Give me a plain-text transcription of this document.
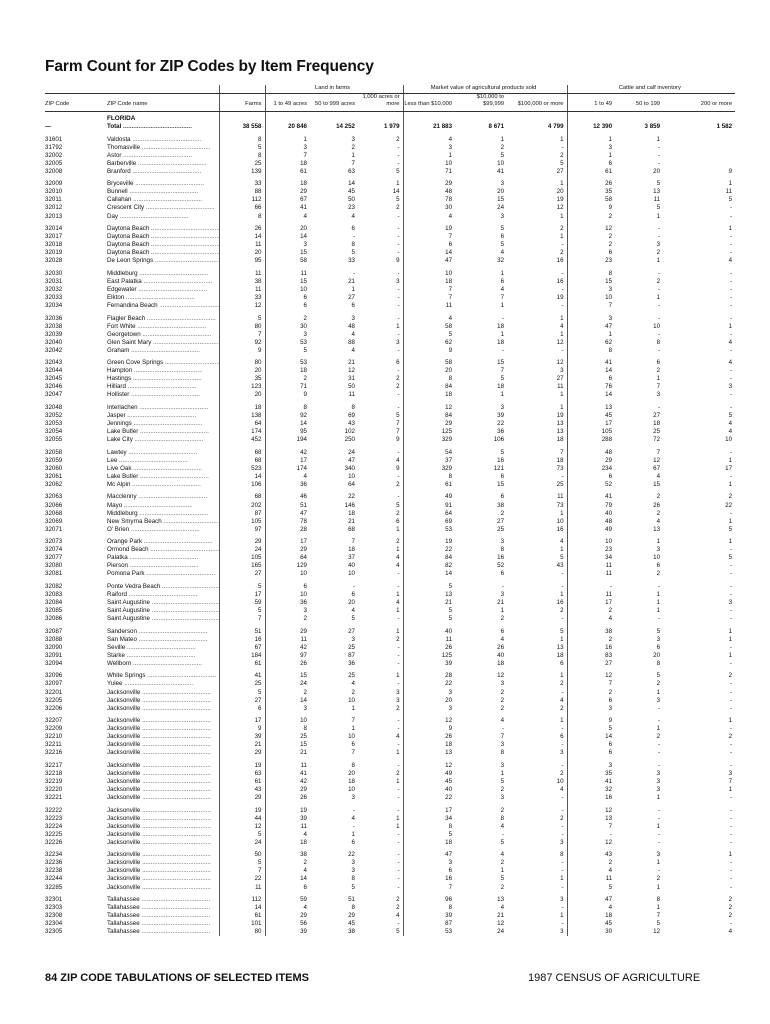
Farm Count for ZIP Codes by Item Frequency
			Land in farms			Market value of agricultural products sold			Cattle and calf inventory		
ZIP Code	ZIP Code name	Farms	1 to 49 acres	50 to 999 acres	1,000 acres or more	Less than $10,000	$10,000 to $99,999	$100,000 or more	1 to 49	50 to 199	200 or more
	FLORIDA										
—	Total .....	38 558	20 846	14 252	1 979	21 883	8 671	4 799	12 390	3 859	1 582

31601	Valdosta .....	8	1	3	2	4	1	1	1	1	
31792	Thomasville .....	5	3	2	-	3	2	-	3	-	
32002	Astor .....	8	7	1	-	1	5	2	1	-	
32005	Barberville .....	25	18	7	-	10	10	5	6	-	
32008	Branford .....	139	61	63	5	71	41	27	61	20	9

32009	Bryceville .....	33	18	14	1	29	3	1	26	5	1
32010	Bunnell .....	88	29	45	14	48	20	20	35	13	11
32011	Callahan .....	112	67	50	5	78	15	19	58	11	5
32012	Crescent City .....	66	41	23	2	30	24	12	9	5	-
32013	Day .....	8	4	4	-	4	3	1	2	1	-

32014	Daytona Beach .....	26	20	6	-	19	5	2	12	-	1
32017	Daytona Beach .....	14	14	-	-	7	6	1	2	-	-
32018	Daytona Beach .....	11	3	8	-	6	5	-	2	3	-
32019	Daytona Beach .....	20	15	5	-	14	4	2	6	2	-
32028	De Leon Springs .....	95	58	33	9	47	32	16	23	1	4

32030	Middleburg .....	11	11	-	-	10	1	-	8	-	-
32031	East Palatka .....	38	15	21	3	18	6	16	15	2	-
32032	Edgewater .....	11	10	1	-	7	4	-	3	-	-
32033	Elkton .....	33	6	27	-	7	7	19	10	1	-
32034	Fernandina Beach .....	12	6	6	-	11	1	-	7	-	-

32036	Flagler Beach .....	5	2	3	-	4	-	1	3	-	-
32038	Fort White .....	80	30	48	1	58	18	4	47	10	1
32039	Georgetown .....	7	3	4	-	5	1	1	1	-	-
32040	Glen Saint Mary .....	92	53	88	3	62	18	12	62	8	4
32042	Graham .....	9	5	4	-	9	-	-	8	-	-

32043	Green Cove Springs .....	80	53	21	6	58	15	12	41	6	4
32044	Hampton .....	20	18	12	-	20	7	3	14	2	-
32045	Hastings .....	35	2	31	2	8	5	27	6	1	-
32046	Hilliard .....	123	71	50	2	84	18	11	76	7	3
32047	Hollister .....	20	9	11	-	18	1	1	14	3	-

32048	Interlachen .....	18	8	8	-	12	3	1	13	-	-
32052	Jasper .....	138	92	69	5	84	39	19	45	27	5
32053	Jennings .....	64	14	43	7	29	22	13	17	18	4
32054	Lake Butler .....	174	95	102	7	125	36	13	105	25	4
32055	Lake City .....	452	194	250	9	329	106	18	288	72	10

32058	Lawtey .....	68	42	24	-	54	5	7	48	7	-
32059	Lee .....	68	17	47	4	37	16	18	29	12	1
32060	Live Oak .....	523	174	340	9	329	121	73	234	67	17
32061	Lake Butler .....	14	4	10	-	8	6	-	6	4	-
32062	Mc Alpin .....	106	36	64	2	61	15	25	52	15	1

32063	Macclenny .....	68	46	22	-	49	6	11	41	2	2
32066	Mayo .....	202	51	146	5	91	38	73	79	26	22
32068	Middleburg .....	87	47	18	2	64	2	1	40	2	-
32069	New Smyrna Beach .....	105	78	21	6	69	27	10	48	4	1
32071	O' Brien .....	97	28	68	1	53	25	16	49	13	5

32073	Orange Park .....	29	17	7	2	19	3	4	10	1	1
32074	Ormond Beach .....	24	29	18	1	22	8	1	23	3	-
32077	Palatka .....	105	64	37	4	84	16	5	34	10	5
32080	Pierson .....	165	129	40	4	82	52	43	11	6	-
32081	Pomona Park .....	27	10	10	-	14	6	-	11	2	-

32082	Ponte Vedra Beach .....	5	6	-	-	5	-	-	-	-	-
32083	Raiford .....	17	10	6	1	13	3	1	11	1	-
32084	Saint Augustine .....	59	36	20	4	21	21	16	17	1	3
32085	Saint Augustine .....	5	3	4	1	5	1	2	2	1	-
32086	Saint Augustine .....	7	2	5	-	5	2	-	4	-	-

32087	Sanderson .....	51	29	27	1	40	6	5	38	5	1
32088	San Mateo .....	16	11	3	2	11	4	1	2	3	1
32090	Seville .....	67	42	25	-	26	26	13	16	6	-
32091	Starke .....	184	97	87	-	125	40	18	83	20	1
32094	Wellborn .....	61	26	36	-	39	18	6	27	8	-

32096	White Springs .....	41	15	25	1	28	12	1	12	5	2
32097	Yulee .....	25	24	4	-	22	3	2	7	2	-
32201	Jacksonville .....	5	2	2	3	3	2	-	2	1	-
32205	Jacksonville .....	27	14	10	3	20	2	4	6	3	-
32206	Jacksonville .....	6	3	1	2	3	2	2	3	-	-

32207	Jacksonville .....	17	10	7	-	12	4	1	9	-	1
32209	Jacksonville .....	9	8	1	-	9	-	-	5	1	-
32210	Jacksonville .....	39	25	10	4	26	7	6	14	2	2
32211	Jacksonville .....	21	15	6	-	18	3	-	6	-	-
32216	Jacksonville .....	29	21	7	1	13	8	3	6	-	-

32217	Jacksonville .....	19	11	8	-	12	3	-	3	-	-
32218	Jacksonville .....	63	41	20	2	49	1	2	35	3	3
32219	Jacksonville .....	61	42	18	1	45	5	10	41	3	7
32220	Jacksonville .....	43	29	10	-	40	2	4	32	3	1
32221	Jacksonville .....	29	26	3	-	22	3	-	16	1	-

32222	Jacksonville .....	19	19	-	-	17	2	-	12	-	-
32223	Jacksonville .....	44	39	4	1	34	8	2	13	-	-
32224	Jacksonville .....	12	11	-	1	8	4	-	7	1	-
32225	Jacksonville .....	5	4	1	-	5	-	-	-	-	-
32226	Jacksonville .....	24	18	6	-	18	5	3	12	-	-

32234	Jacksonville .....	50	38	22	-	47	4	8	43	3	1
32236	Jacksonville .....	5	2	3	-	3	2	-	2	1	-
32238	Jacksonville .....	7	4	3	-	6	1	-	4	-	-
32244	Jacksonville .....	22	14	8	-	16	5	1	11	2	-
32285	Jacksonville .....	11	6	5	-	7	2	-	5	1	-

32301	Tallahassee .....	112	59	51	2	96	13	3	47	8	2
32303	Tallahassee .....	14	4	8	2	8	4	-	4	1	2
32308	Tallahassee .....	61	29	29	4	39	21	1	18	7	2
32304	Tallahassee .....	101	56	45	-	87	12	-	45	5	-
32305	Tallahassee .....	80	39	38	5	53	24	3	30	12	4
84 ZIP CODE TABULATIONS OF SELECTED ITEMS	1987 CENSUS OF AGRICULTURE
